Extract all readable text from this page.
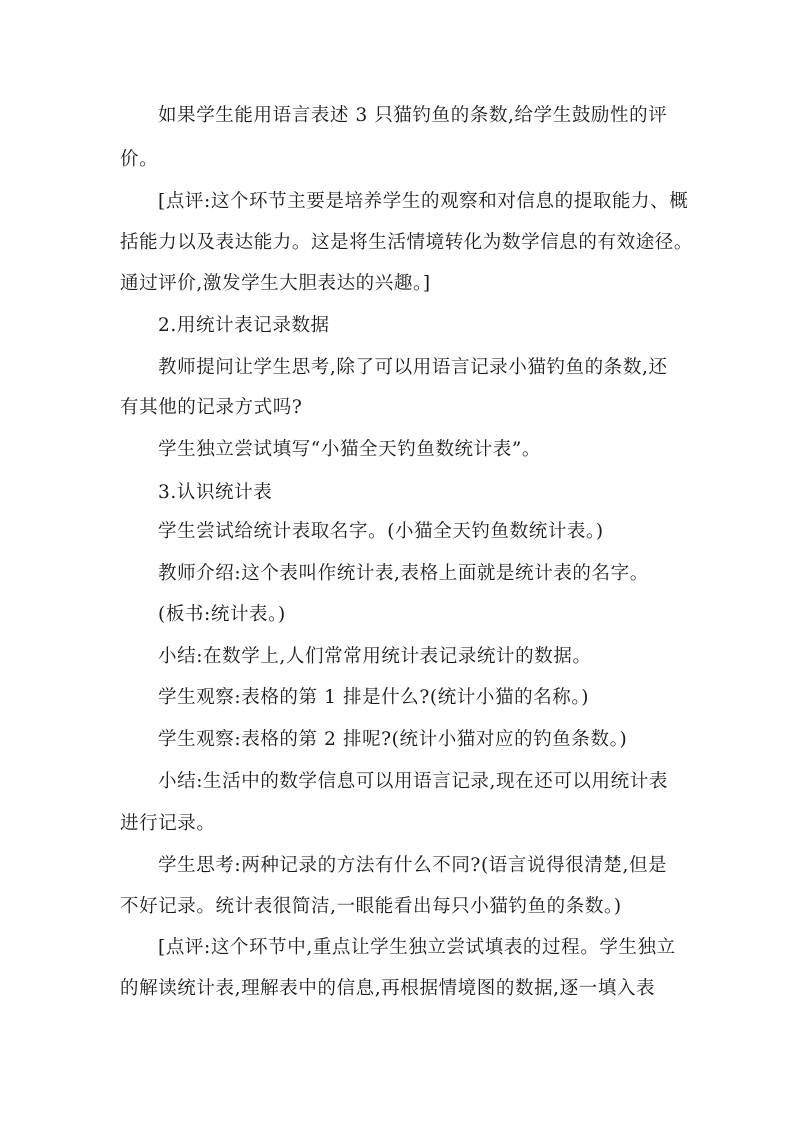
如果学生能用语言表述 3 只猫钓鱼的条数,给学生鼓励性的评
价。
[点评:这个环节主要是培养学生的观察和对信息的提取能力、概
括能力以及表达能力。这是将生活情境转化为数学信息的有效途径。
通过评价,激发学生大胆表达的兴趣。]
2.用统计表记录数据
教师提问让学生思考,除了可以用语言记录小猫钓鱼的条数,还
有其他的记录方式吗?
学生独立尝试填写“小猫全天钓鱼数统计表”。
3.认识统计表
学生尝试给统计表取名字。(小猫全天钓鱼数统计表。)
教师介绍:这个表叫作统计表,表格上面就是统计表的名字。
(板书:统计表。)
小结:在数学上,人们常常用统计表记录统计的数据。
学生观察:表格的第 1 排是什么?(统计小猫的名称。)
学生观察:表格的第 2 排呢?(统计小猫对应的钓鱼条数。)
小结:生活中的数学信息可以用语言记录,现在还可以用统计表
进行记录。
学生思考:两种记录的方法有什么不同?(语言说得很清楚,但是
不好记录。统计表很简洁,一眼能看出每只小猫钓鱼的条数。)
[点评:这个环节中,重点让学生独立尝试填表的过程。学生独立
的解读统计表,理解表中的信息,再根据情境图的数据,逐一填入表
